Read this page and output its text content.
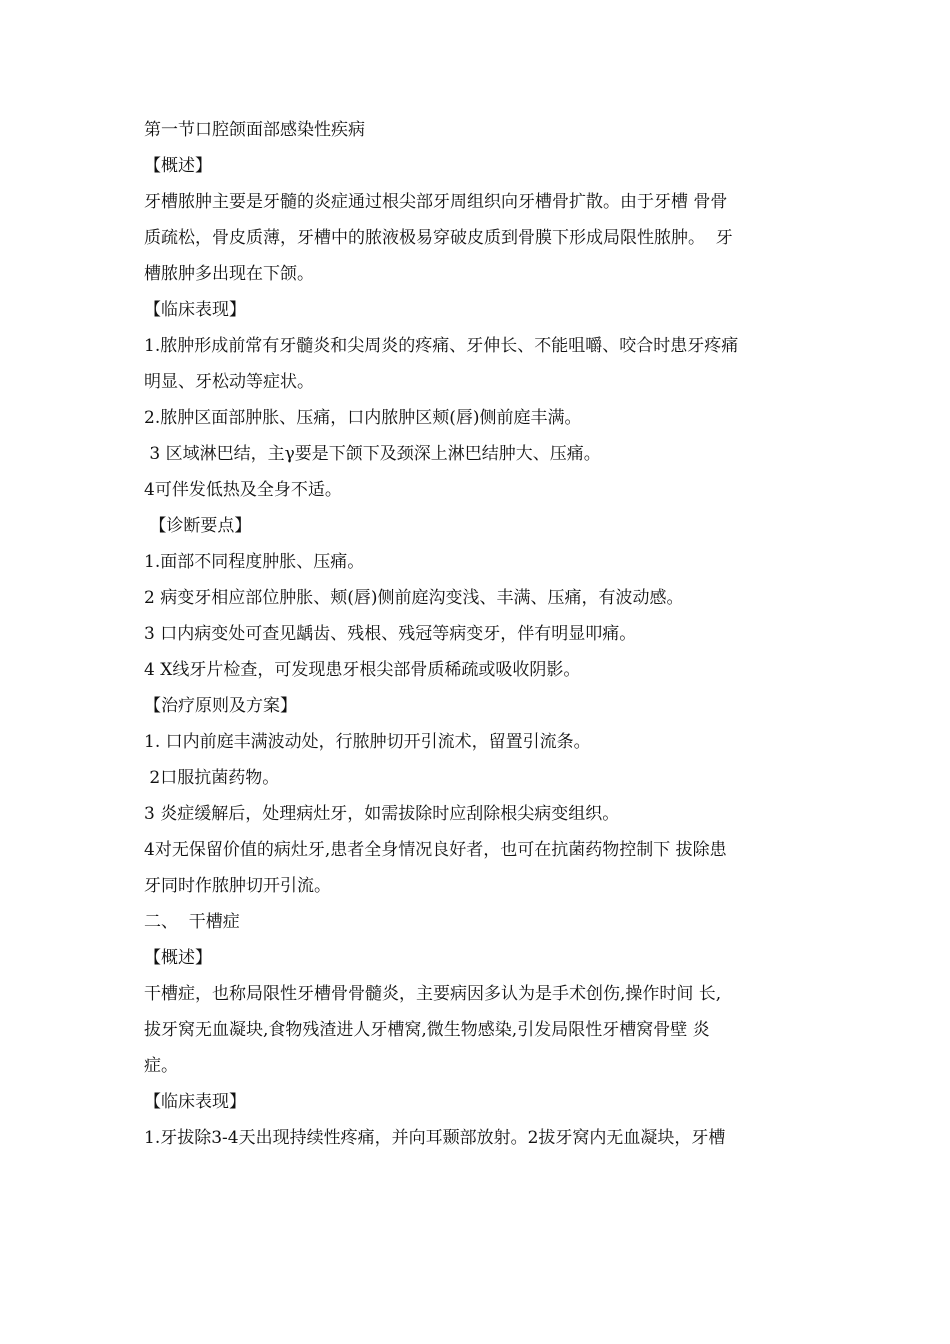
第一节口腔颌面部感染性疾病
【概述】
牙槽脓肿主要是牙髓的炎症通过根尖部牙周组织向牙槽骨扩散。由于牙槽 骨骨
质疏松，骨皮质薄，牙槽中的脓液极易穿破皮质到骨膜下形成局限性脓肿。  牙
槽脓肿多出现在下颌。
【临床表现】
1.脓肿形成前常有牙髓炎和尖周炎的疼痛、牙伸长、不能咀嚼、咬合时患牙疼痛
明显、牙松动等症状。
2.脓肿区面部肿胀、压痛，口内脓肿区颊(唇)侧前庭丰满。
3 区域淋巴结，主γ要是下颌下及颈深上淋巴结肿大、压痛。
4可伴发低热及全身不适。
【诊断要点】
1.面部不同程度肿胀、压痛。
2 病变牙相应部位肿胀、颊(唇)侧前庭沟变浅、丰满、压痛，有波动感。
3 口内病变处可查见龋齿、残根、残冠等病变牙，伴有明显叩痛。
4 X线牙片检查，可发现患牙根尖部骨质稀疏或吸收阴影。
【治疗原则及方案】
1. 口内前庭丰满波动处，行脓肿切开引流术，留置引流条。
2口服抗菌药物。
3 炎症缓解后，处理病灶牙，如需拔除时应刮除根尖病变组织。
4对无保留价值的病灶牙,患者全身情况良好者，也可在抗菌药物控制下 拔除患
牙同时作脓肿切开引流。
二、  干槽症
【概述】
干槽症，也称局限性牙槽骨骨髓炎，主要病因多认为是手术创伤,操作时间 长,
拔牙窝无血凝块,食物残渣进人牙槽窝,微生物感染,引发局限性牙槽窝骨壁 炎
症。
【临床表现】
1.牙拔除3-4天出现持续性疼痛，并向耳颞部放射。2拔牙窝内无血凝块，牙槽
